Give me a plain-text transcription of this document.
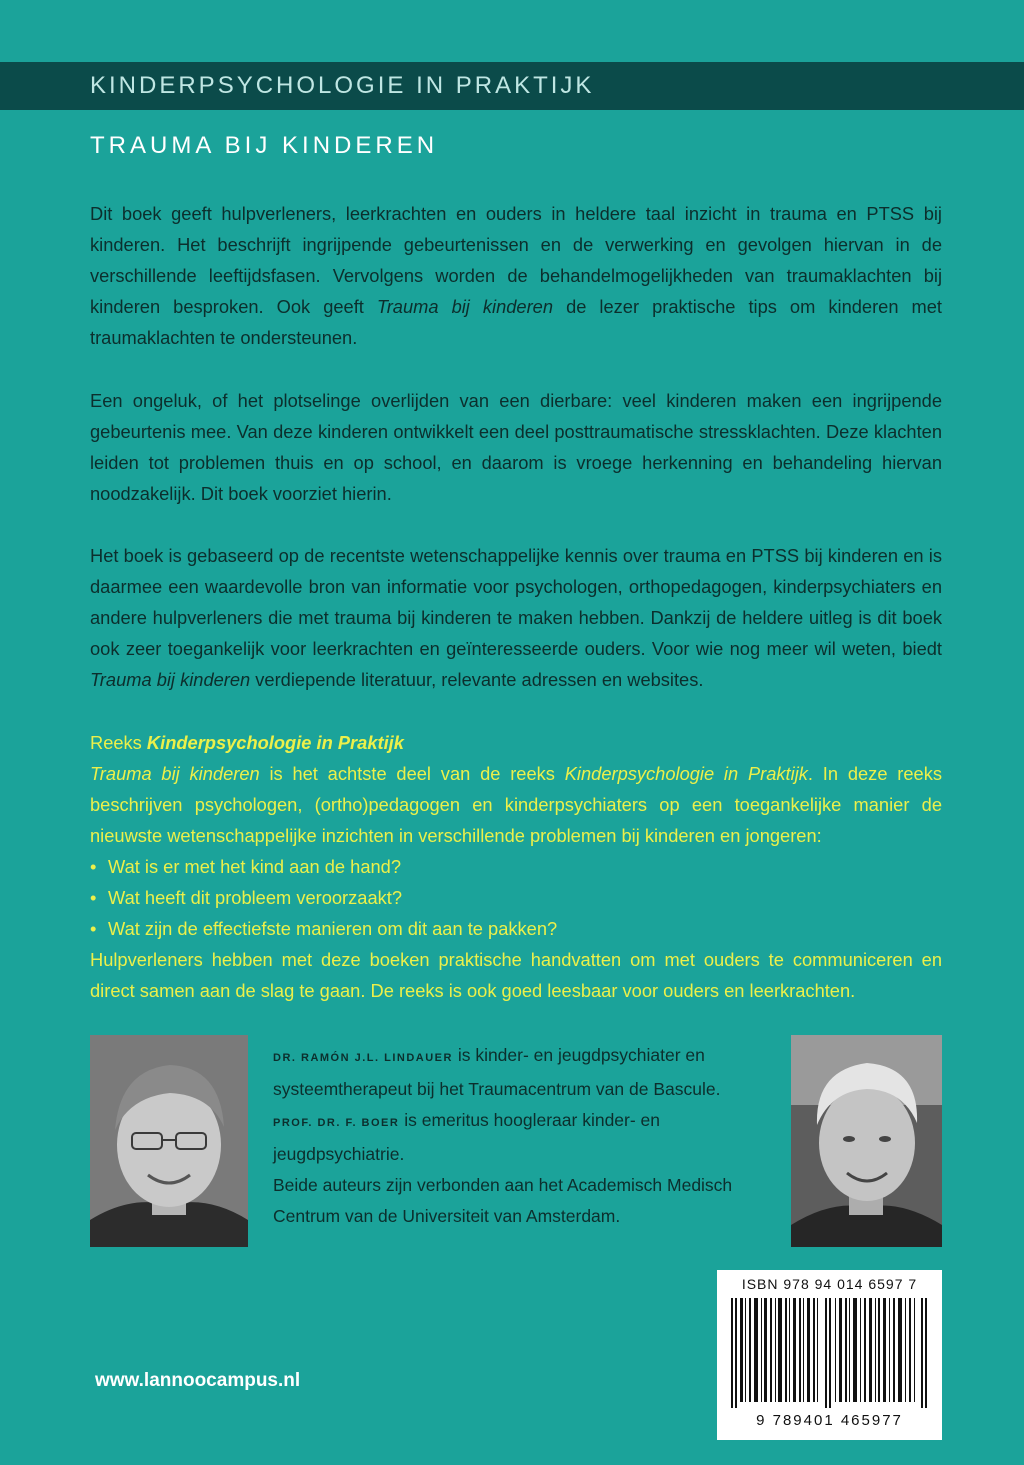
KINDERPSYCHOLOGIE IN PRAKTIJK
TRAUMA BIJ KINDEREN

Dit boek geeft hulpverleners, leerkrachten en ouders in heldere taal inzicht in trauma en PTSS bij kinderen. Het beschrijft ingrijpende gebeurtenissen en de verwerking en gevolgen hiervan in de verschillende leeftijdsfasen. Vervolgens worden de behandelmogelijkheden van traumaklachten bij kinderen besproken. Ook geeft Trauma bij kinderen de lezer praktische tips om kinderen met traumaklachten te ondersteunen.

Een ongeluk, of het plotselinge overlijden van een dierbare: veel kinderen maken een ingrijpende gebeurtenis mee. Van deze kinderen ontwikkelt een deel posttraumatische stressklachten. Deze klachten leiden tot problemen thuis en op school, en daarom is vroege herkenning en behandeling hiervan noodzakelijk. Dit boek voorziet hierin.

Het boek is gebaseerd op de recentste wetenschappelijke kennis over trauma en PTSS bij kinderen en is daarmee een waardevolle bron van informatie voor psychologen, orthopedagogen, kinderpsychiaters en andere hulpverleners die met trauma bij kinderen te maken hebben. Dankzij de heldere uitleg is dit boek ook zeer toegankelijk voor leerkrachten en geïnteresseerde ouders. Voor wie nog meer wil weten, biedt Trauma bij kinderen verdiepende literatuur, relevante adressen en websites.

Reeks Kinderpsychologie in Praktijk

Trauma bij kinderen is het achtste deel van de reeks Kinderpsychologie in Praktijk. In deze reeks beschrijven psychologen, (ortho)pedagogen en kinderpsychiaters op een toegankelijke manier de nieuwste wetenschappelijke inzichten in verschillende problemen bij kinderen en jongeren:

• Wat is er met het kind aan de hand?
• Wat heeft dit probleem veroorzaakt?
• Wat zijn de effectiefste manieren om dit aan te pakken?

Hulpverleners hebben met deze boeken praktische handvatten om met ouders te communiceren en direct samen aan de slag te gaan. De reeks is ook goed leesbaar voor ouders en leerkrachten.

DR. RAMÓN J.L. LINDAUER is kinder- en jeugdpsychiater en systeemtherapeut bij het Traumacentrum van de Bascule.

PROF. DR. F. BOER is emeritus hoogleraar kinder- en jeugdpsychiatrie.

Beide auteurs zijn verbonden aan het Academisch Medisch Centrum van de Universiteit van Amsterdam.

www.lannoocampus.nl
ISBN 978 94 014 6597 7
9 789401 465977
